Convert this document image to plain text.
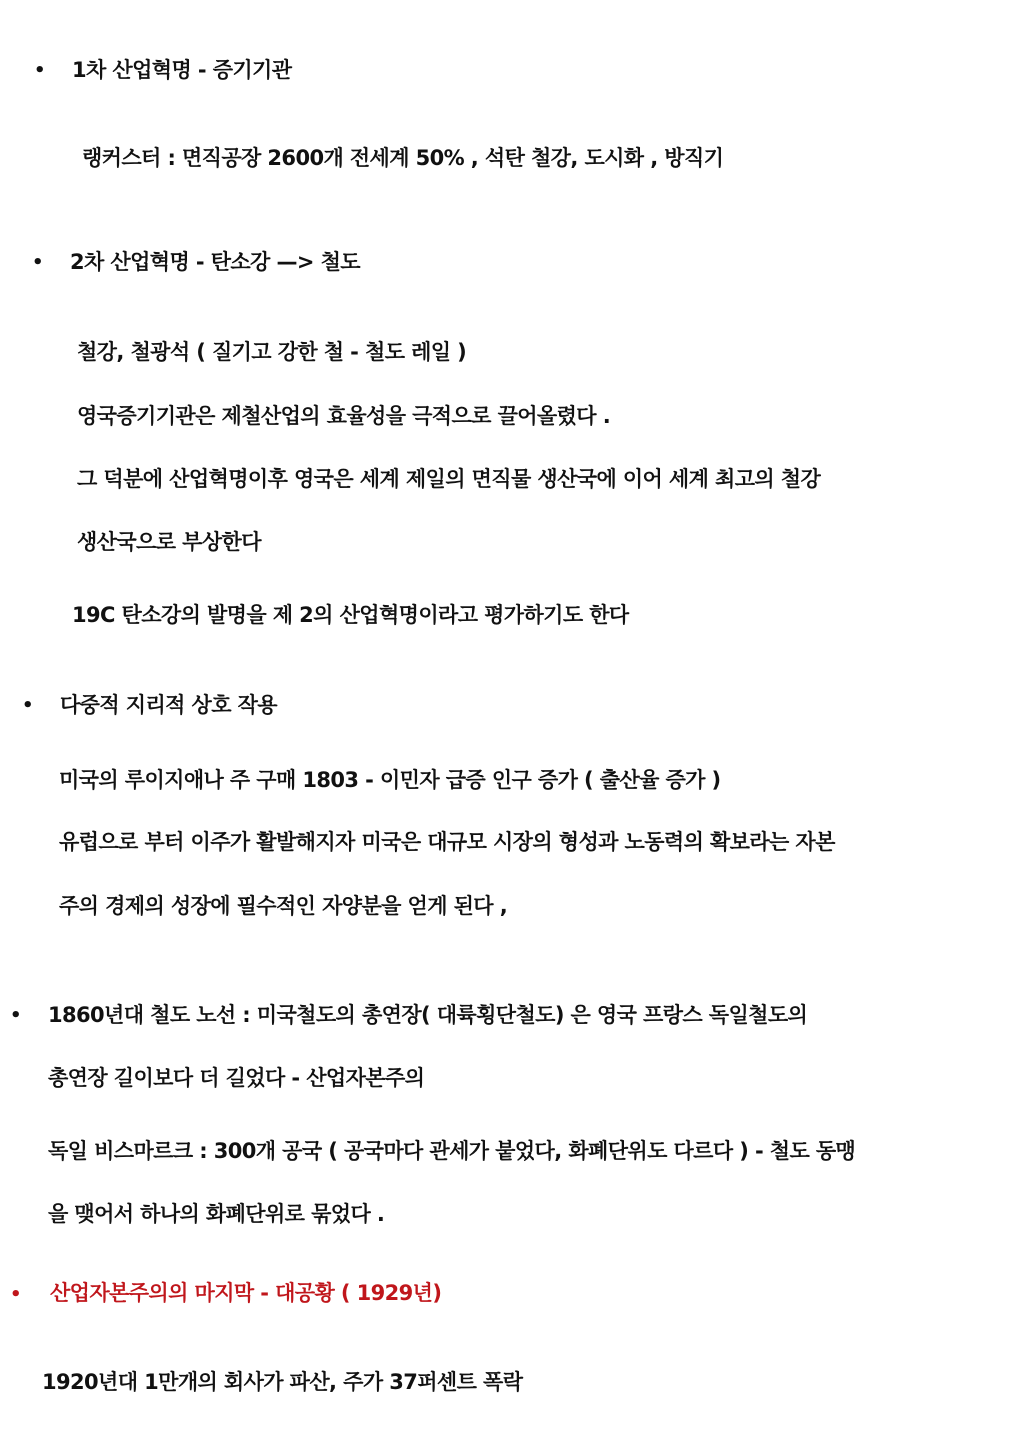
• 1차 산업혁명 - 증기기관
랭커스터 : 면직공장 2600개 전세계 50% , 석탄 철강, 도시화 , 방직기
• 2차 산업혁명 - 탄소강 —> 철도
철강, 철광석 ( 질기고 강한 철 - 철도 레일 )
영국증기기관은 제철산업의 효율성을 극적으로 끌어올렸다 .
그 덕분에 산업혁명이후 영국은 세계 제일의 면직물 생산국에 이어 세계 최고의 철강
생산국으로 부상한다
19C 탄소강의 발명을 제 2의 산업혁명이라고 평가하기도 한다
• 다중적 지리적 상호 작용
미국의 루이지애나 주 구매 1803 - 이민자 급증 인구 증가 ( 출산율 증가 )
유럽으로 부터 이주가 활발해지자 미국은 대규모 시장의 형성과 노동력의 확보라는 자본
주의 경제의 성장에 필수적인 자양분을 얻게 된다 ,
• 1860년대 철도 노선 : 미국철도의 총연장( 대륙횡단철도) 은 영국 프랑스 독일철도의
총연장 길이보다 더 길었다 - 산업자본주의
독일 비스마르크 : 300개 공국 ( 공국마다 관세가 붙었다, 화폐단위도 다르다 ) - 철도 동맹
을 맺어서 하나의 화폐단위로 묶었다 .
• 산업자본주의의 마지막 - 대공황 ( 1929년)
1920년대 1만개의 회사가 파산, 주가 37퍼센트 폭락
